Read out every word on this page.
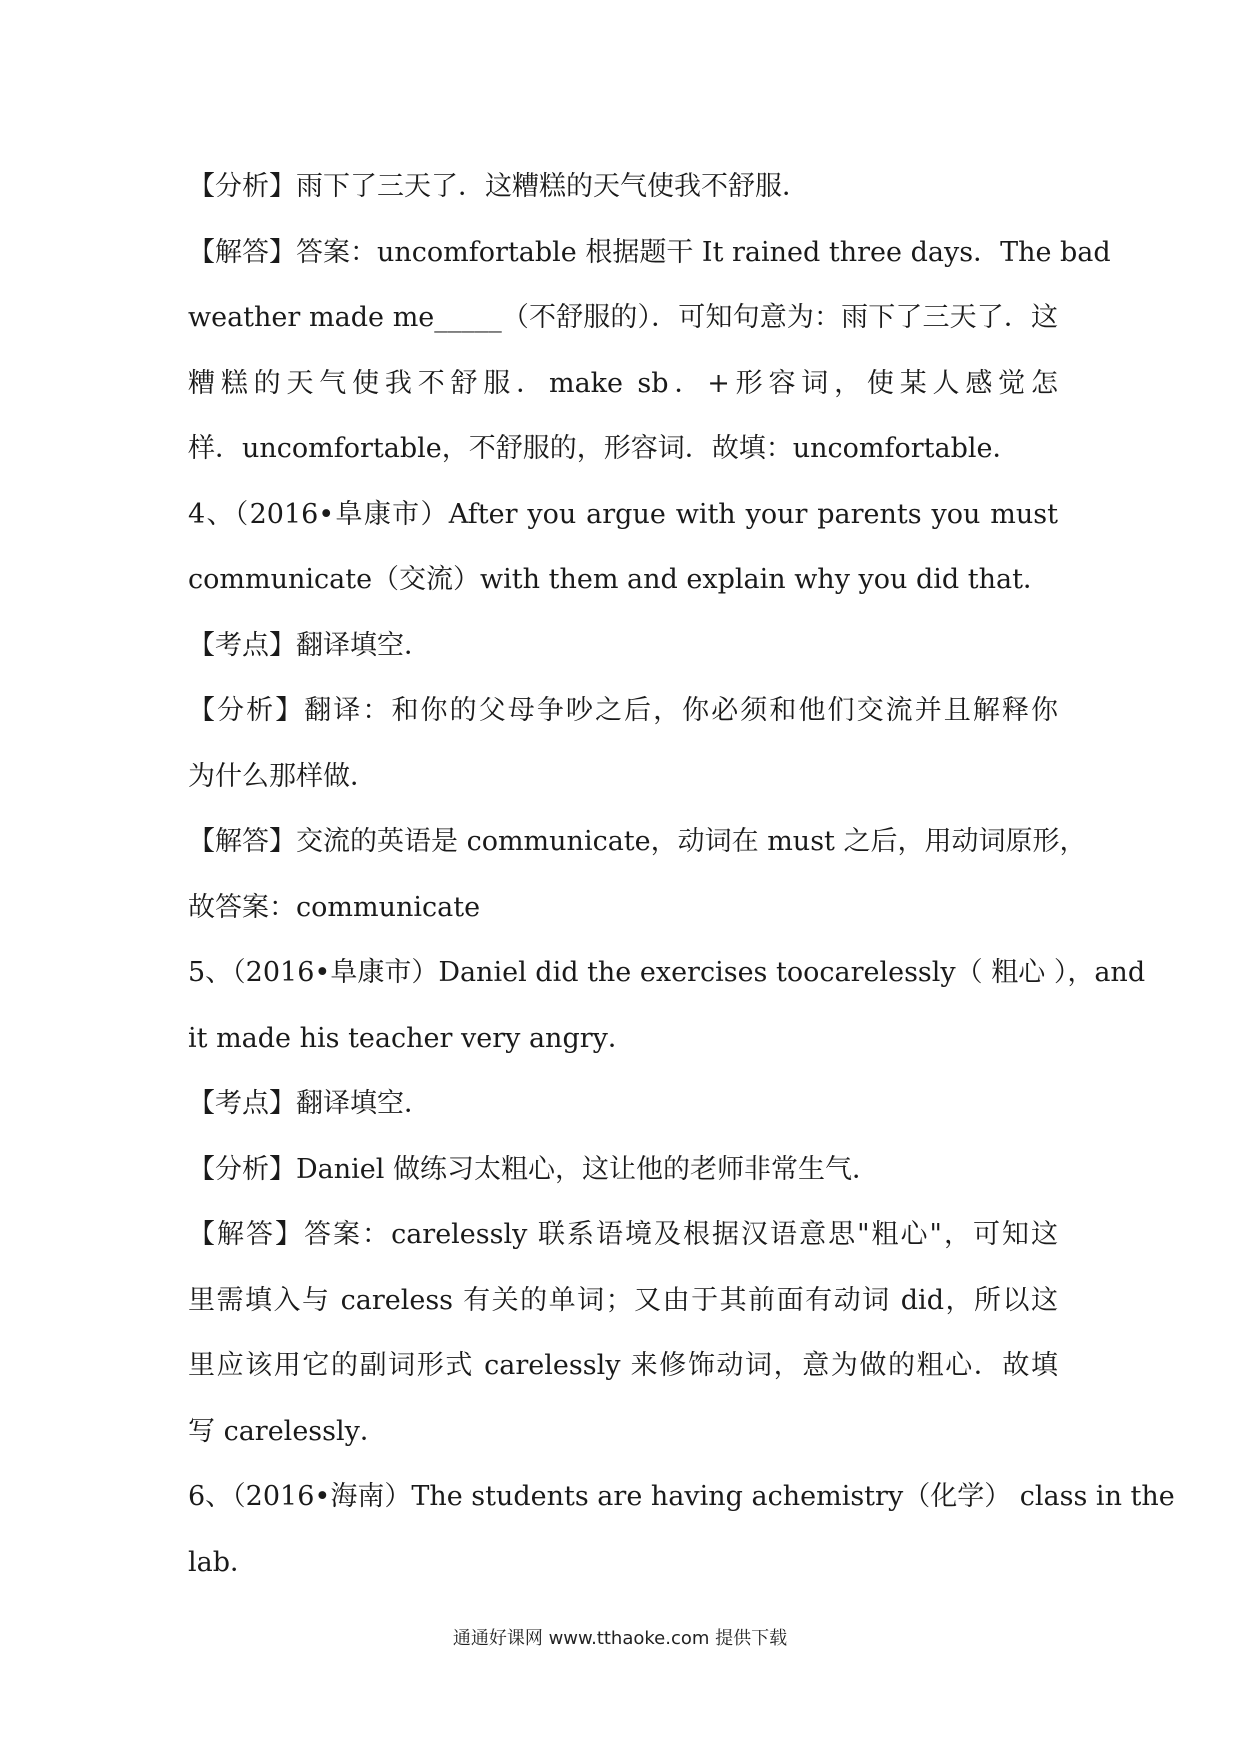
【分析】雨下了三天了．这糟糕的天气使我不舒服．
【解答】答案：uncomfortable 根据题干 It rained three days．The bad
weather made me_____（不舒服的）．可知句意为：雨下了三天了．这
糟糕的天气使我不舒服．make sb．+形容词，使某人感觉怎
样．uncomfortable，不舒服的，形容词．故填：uncomfortable．
4、（2016•阜康市）After you argue with your parents you must
communicate（交流）with them and explain why you did that．
【考点】翻译填空．
【分析】翻译：和你的父母争吵之后，你必须和他们交流并且解释你
为什么那样做．
【解答】交流的英语是 communicate，动词在 must 之后，用动词原形，
故答案：communicate
5、（2016•阜康市）Daniel did the exercises toocarelessly（ 粗心 ），and
it made his teacher very angry．
【考点】翻译填空．
【分析】Daniel 做练习太粗心，这让他的老师非常生气．
【解答】答案：carelessly 联系语境及根据汉语意思"粗心"，可知这
里需填入与 careless 有关的单词；又由于其前面有动词 did，所以这
里应该用它的副词形式 carelessly 来修饰动词，意为做的粗心．故填
写 carelessly．
6、（2016•海南）The students are having achemistry（化学） class in the
lab．
通通好课网 www.tthaoke.com 提供下载
